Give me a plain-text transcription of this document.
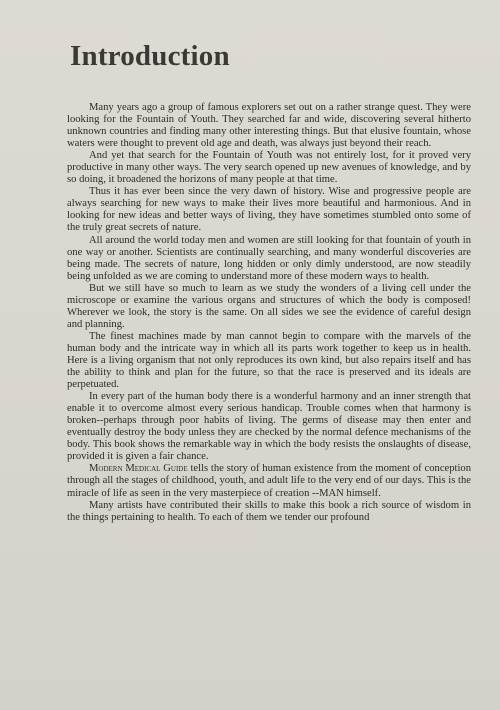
Introduction

Many years ago a group of famous explorers set out on a rather strange quest. They were looking for the Fountain of Youth. They searched far and wide, discovering several hitherto unknown countries and finding many other interesting things. But that elusive fountain, whose waters were thought to prevent old age and death, was always just beyond their reach.

And yet that search for the Fountain of Youth was not entirely lost, for it proved very productive in many other ways. The very search opened up new avenues of knowledge, and by so doing, it broadened the horizons of many people at that time.

Thus it has ever been since the very dawn of history. Wise and progressive people are always searching for new ways to make their lives more beautiful and harmonious. And in looking for new ideas and better ways of living, they have sometimes stumbled onto some of the truly great secrets of nature.

All around the world today men and women are still looking for that fountain of youth in one way or another. Scientists are continually searching, and many wonderful discoveries are being made. The secrets of nature, long hidden or only dimly understood, are now steadily being unfolded as we are coming to understand more of these modern ways to health.

But we still have so much to learn as we study the wonders of a living cell under the microscope or examine the various organs and structures of which the body is composed! Wherever we look, the story is the same. On all sides we see the evidence of careful design and planning.

The finest machines made by man cannot begin to compare with the marvels of the human body and the intricate way in which all its parts work together to keep us in health. Here is a living organism that not only reproduces its own kind, but also repairs itself and has the ability to think and plan for the future, so that the race is preserved and its ideals are perpetuated.

In every part of the human body there is a wonderful harmony and an inner strength that enable it to overcome almost every serious handicap. Trouble comes when that harmony is broken--perhaps through poor habits of living. The germs of disease may then enter and eventually destroy the body unless they are checked by the normal defence mechanisms of the body. This book shows the remarkable way in which the body resists the onslaughts of disease, provided it is given a fair chance.

Modern Medical Guide tells the story of human existence from the moment of conception through all the stages of childhood, youth, and adult life to the very end of our days. This is the miracle of life as seen in the very masterpiece of creation --MAN himself.

Many artists have contributed their skills to make this book a rich source of wisdom in the things pertaining to health. To each of them we tender our profound
